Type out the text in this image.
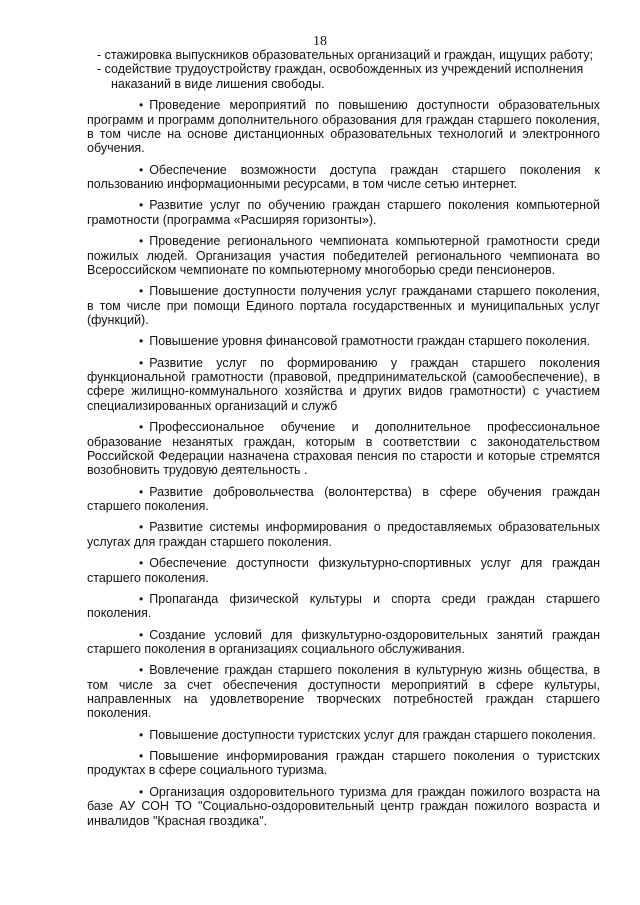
18

- стажировка выпускников образовательных организаций и граждан, ищущих работу;

- содействие трудоустройству граждан, освобожденных из учреждений исполнения наказаний в виде лишения свободы.

• Проведение мероприятий по повышению доступности образовательных программ и программ дополнительного образования для граждан старшего поколения, в том числе на основе дистанционных образовательных технологий и электронного обучения.

• Обеспечение возможности доступа граждан старшего поколения к пользованию информационными ресурсами, в том числе сетью интернет.

• Развитие услуг по обучению граждан старшего поколения компьютерной грамотности (программа «Расширяя горизонты»).

• Проведение регионального чемпионата компьютерной грамотности среди пожилых людей. Организация участия победителей регионального чемпионата во Всероссийском чемпионате по компьютерному многоборью среди пенсионеров.

• Повышение доступности получения услуг гражданами старшего поколения, в том числе при помощи Единого портала государственных и муниципальных услуг (функций).

• Повышение уровня финансовой грамотности граждан старшего поколения.

• Развитие услуг по формированию у граждан старшего поколения функциональной грамотности (правовой, предпринимательской (самообеспечение), в сфере жилищно-коммунального хозяйства и других видов грамотности) с участием специализированных организаций и служб

• Профессиональное обучение и дополнительное профессиональное образование незанятых граждан, которым в соответствии с законодательством Российской Федерации назначена страховая пенсия по старости и которые стремятся возобновить трудовую деятельность .

• Развитие добровольчества (волонтерства) в сфере обучения граждан старшего поколения.

• Развитие системы информирования о предоставляемых образовательных услугах для граждан старшего поколения.

• Обеспечение доступности физкультурно-спортивных услуг для граждан старшего поколения.

• Пропаганда физической культуры и спорта среди граждан старшего поколения.

• Создание условий для физкультурно-оздоровительных занятий граждан старшего поколения в организациях социального обслуживания.

• Вовлечение граждан старшего поколения в культурную жизнь общества, в том числе за счет обеспечения доступности мероприятий в сфере культуры, направленных на удовлетворение творческих потребностей граждан старшего поколения.

• Повышение доступности туристских услуг для граждан старшего поколения.

• Повышение информирования граждан старшего поколения о туристских продуктах в сфере социального туризма.

• Организация оздоровительного туризма для граждан пожилого возраста на базе АУ СОН ТО "Социально-оздоровительный центр граждан пожилого возраста и инвалидов "Красная гвоздика".
